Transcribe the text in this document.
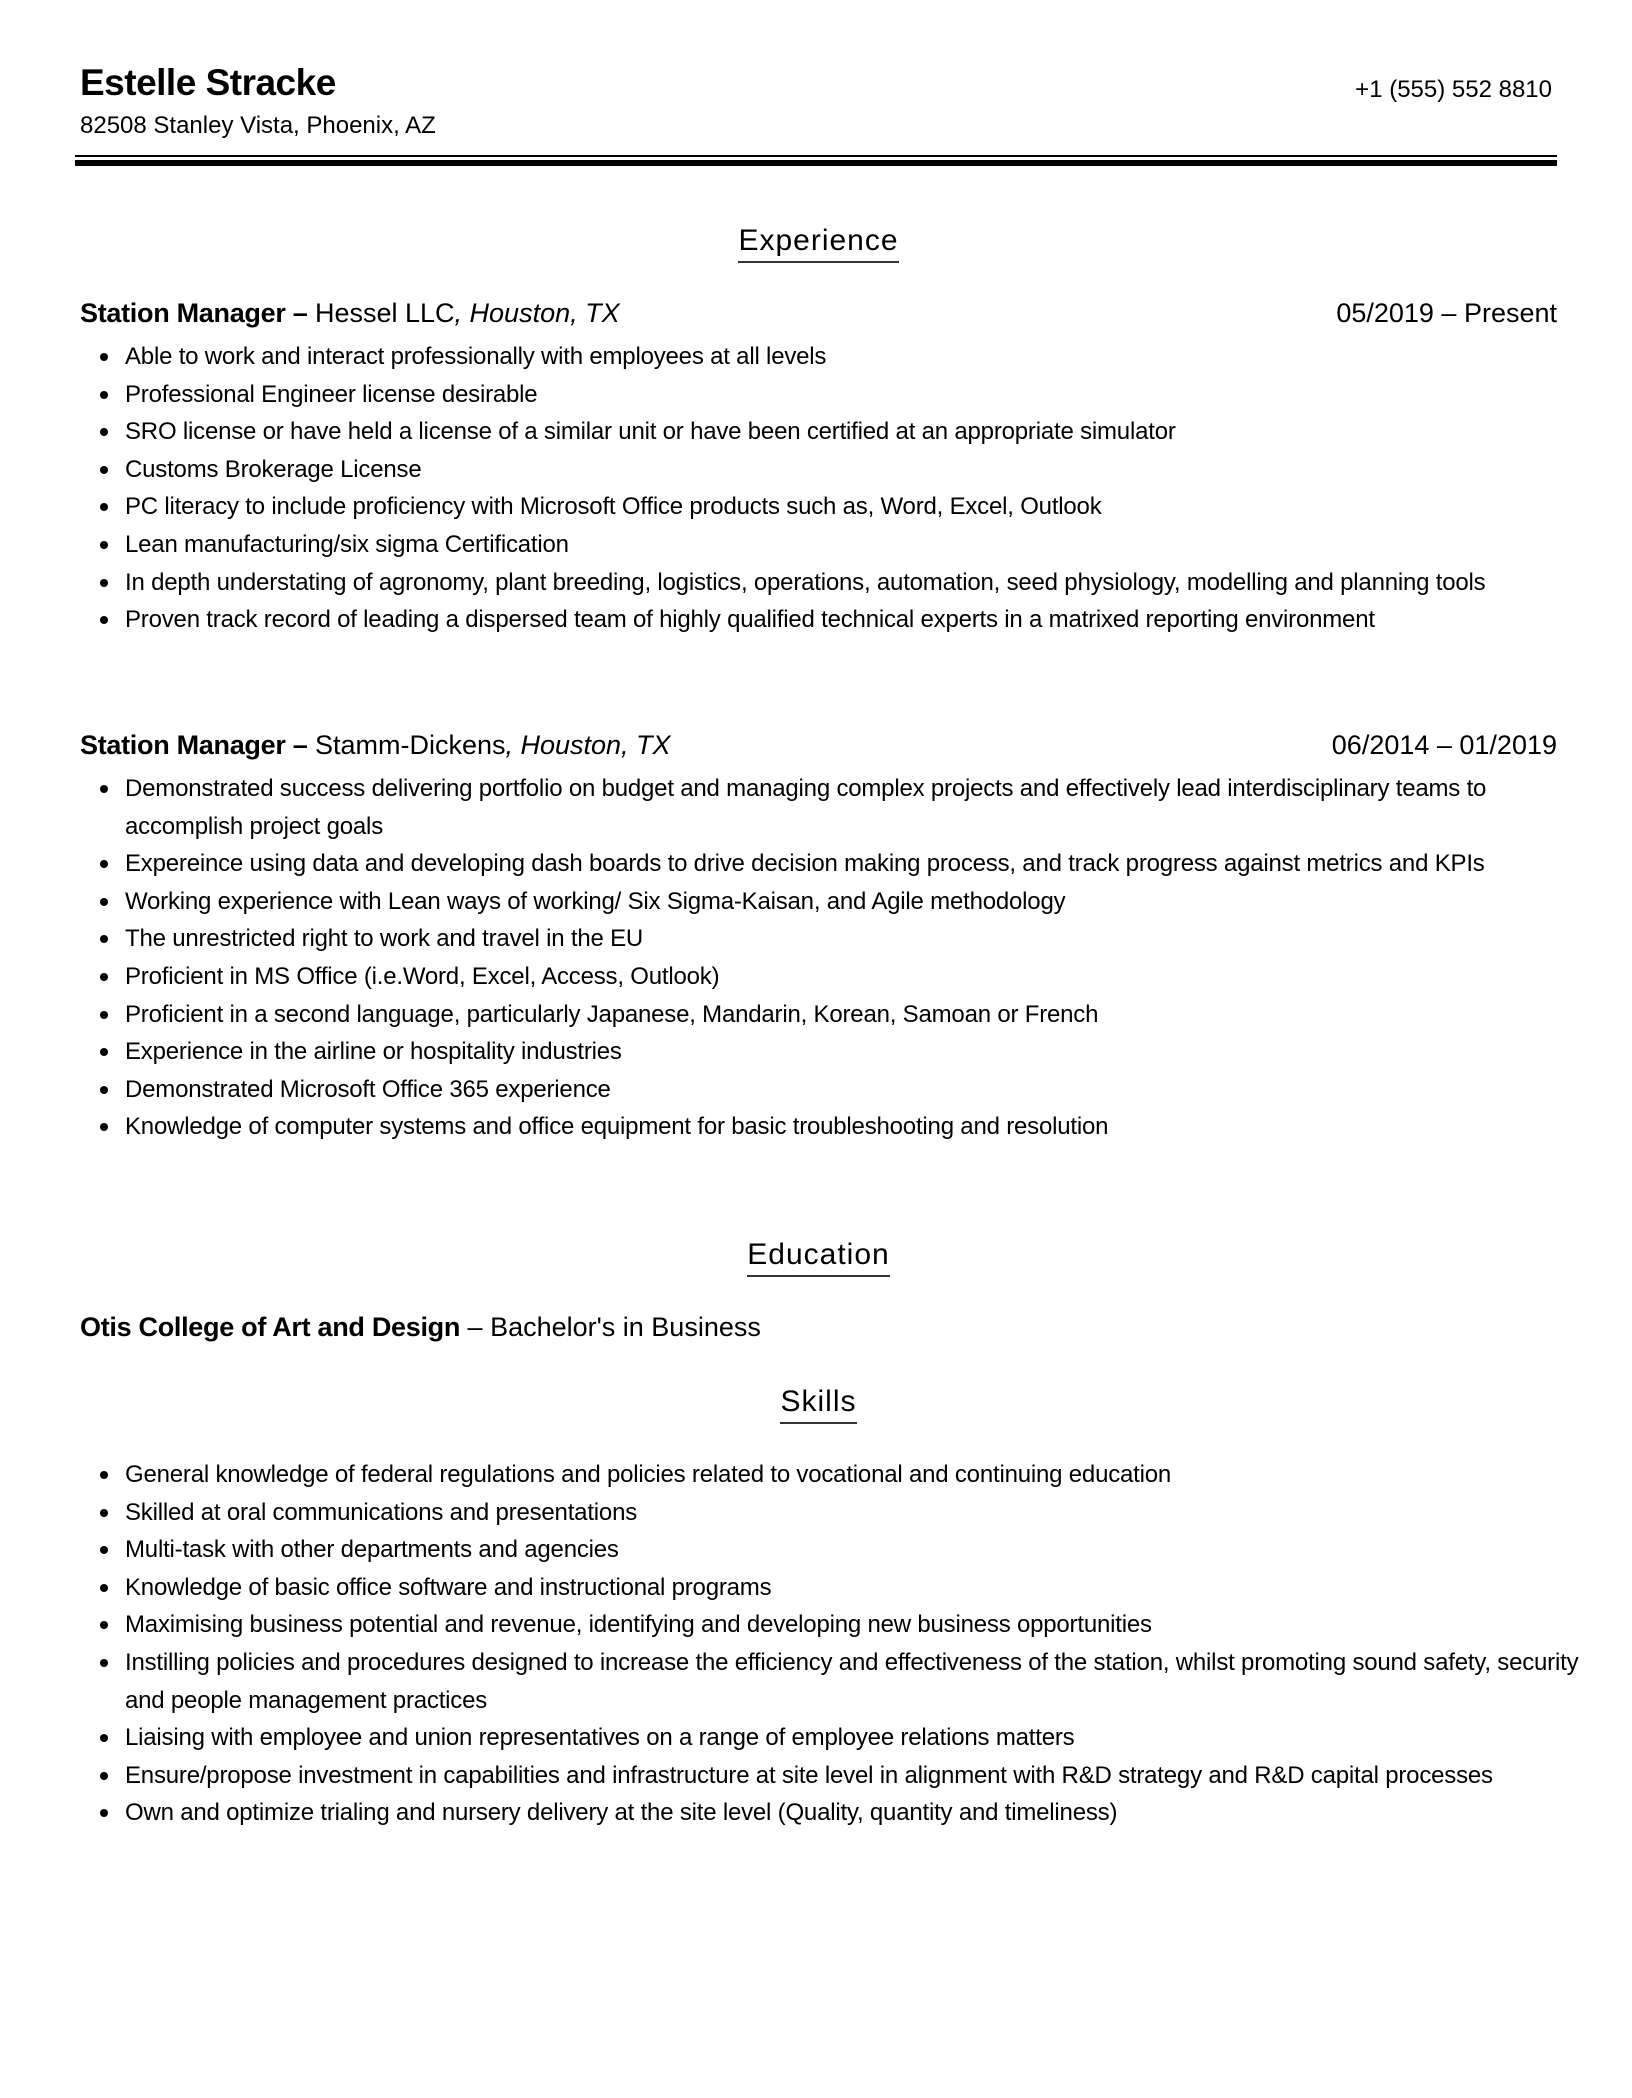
Estelle Stracke
82508 Stanley Vista, Phoenix, AZ
+1 (555) 552 8810
Experience
Station Manager – Hessel LLC, Houston, TX	05/2019 – Present
Able to work and interact professionally with employees at all levels
Professional Engineer license desirable
SRO license or have held a license of a similar unit or have been certified at an appropriate simulator
Customs Brokerage License
PC literacy to include proficiency with Microsoft Office products such as, Word, Excel, Outlook
Lean manufacturing/six sigma Certification
In depth understating of agronomy, plant breeding, logistics, operations, automation, seed physiology, modelling and planning tools
Proven track record of leading a dispersed team of highly qualified technical experts in a matrixed reporting environment
Station Manager – Stamm-Dickens, Houston, TX	06/2014 – 01/2019
Demonstrated success delivering portfolio on budget and managing complex projects and effectively lead interdisciplinary teams to accomplish project goals
Expereince using data and developing dash boards to drive decision making process, and track progress against metrics and KPIs
Working experience with Lean ways of working/ Six Sigma-Kaisan, and Agile methodology
The unrestricted right to work and travel in the EU
Proficient in MS Office (i.e.Word, Excel, Access, Outlook)
Proficient in a second language, particularly Japanese, Mandarin, Korean, Samoan or French
Experience in the airline or hospitality industries
Demonstrated Microsoft Office 365 experience
Knowledge of computer systems and office equipment for basic troubleshooting and resolution
Education
Otis College of Art and Design – Bachelor's in Business
Skills
General knowledge of federal regulations and policies related to vocational and continuing education
Skilled at oral communications and presentations
Multi-task with other departments and agencies
Knowledge of basic office software and instructional programs
Maximising business potential and revenue, identifying and developing new business opportunities
Instilling policies and procedures designed to increase the efficiency and effectiveness of the station, whilst promoting sound safety, security and people management practices
Liaising with employee and union representatives on a range of employee relations matters
Ensure/propose investment in capabilities and infrastructure at site level in alignment with R&D strategy and R&D capital processes
Own and optimize trialing and nursery delivery at the site level (Quality, quantity and timeliness)
